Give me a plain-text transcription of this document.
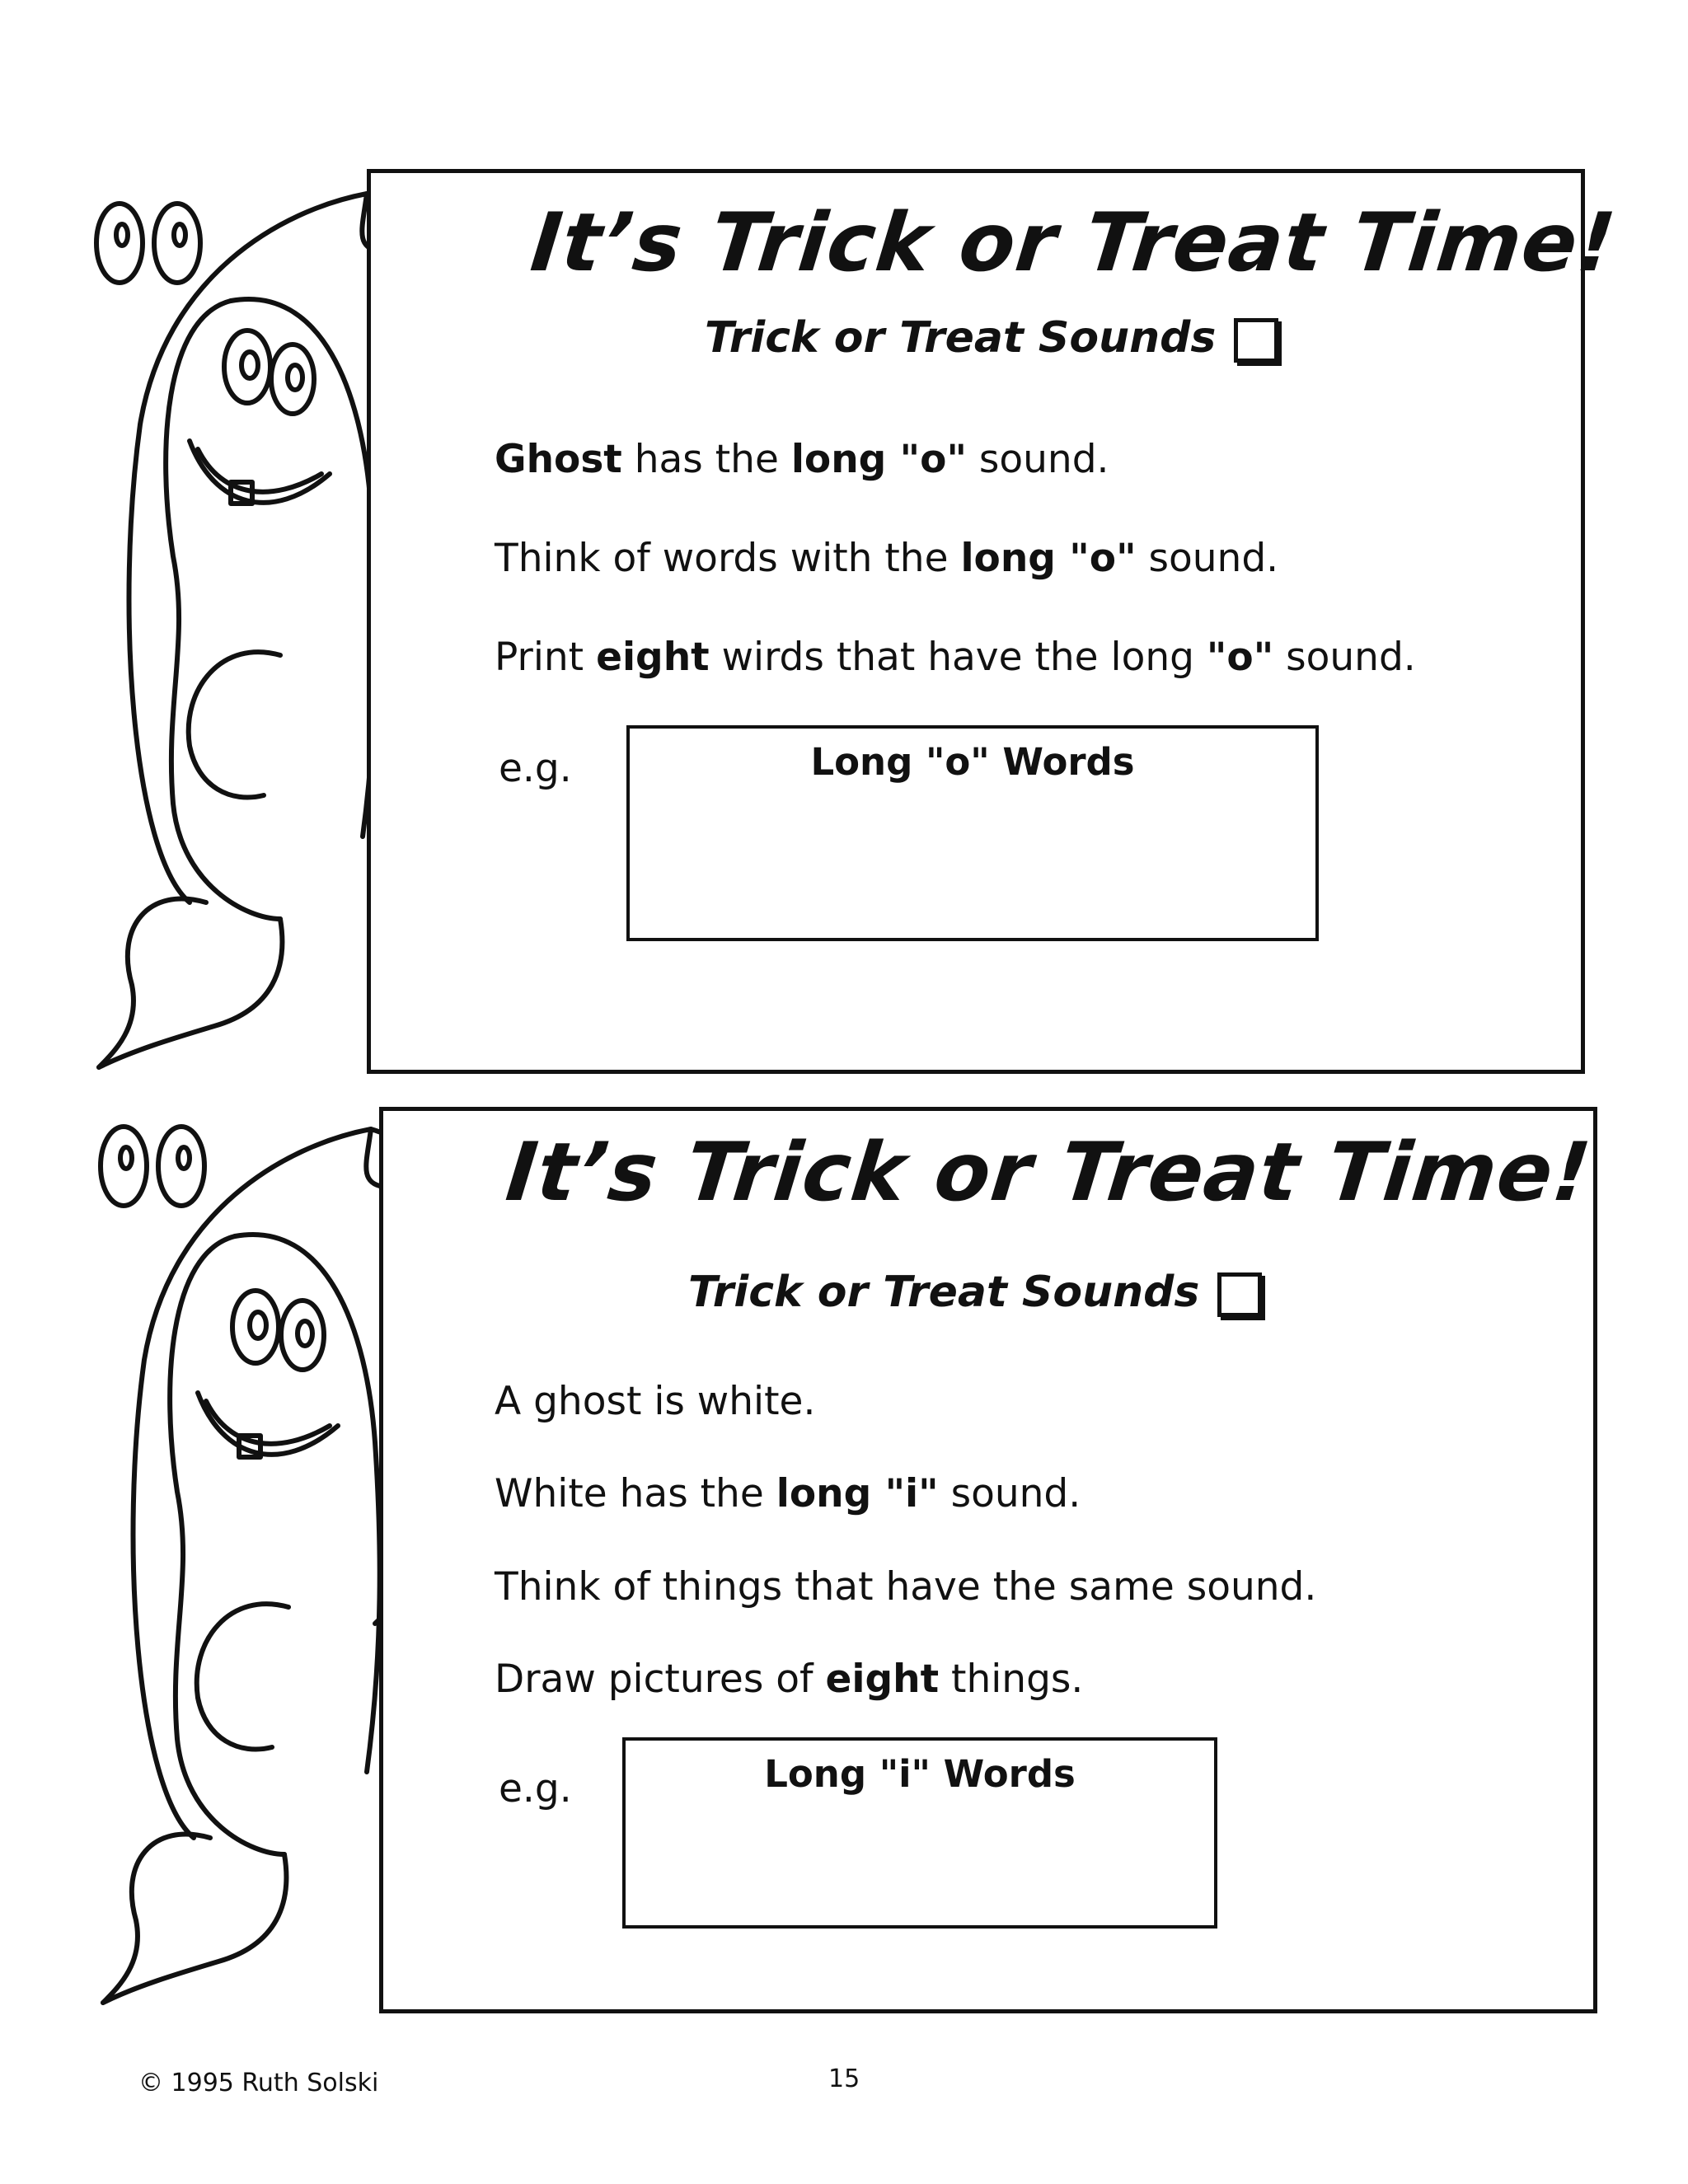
It’s Trick or Treat Time!
Trick or Treat Sounds

Ghost has the long "o" sound.

Think of words with the long "o" sound.

Print eight wirds that have the long "o" sound.

e.g.	Long "o" Words
It’s Trick or Treat Time!
Trick or Treat Sounds

A ghost is white.

White has the long "i" sound.

Think of things that have the same sound.

Draw pictures of eight things.

e.g.	Long "i" Words
© 1995 Ruth Solski	15
